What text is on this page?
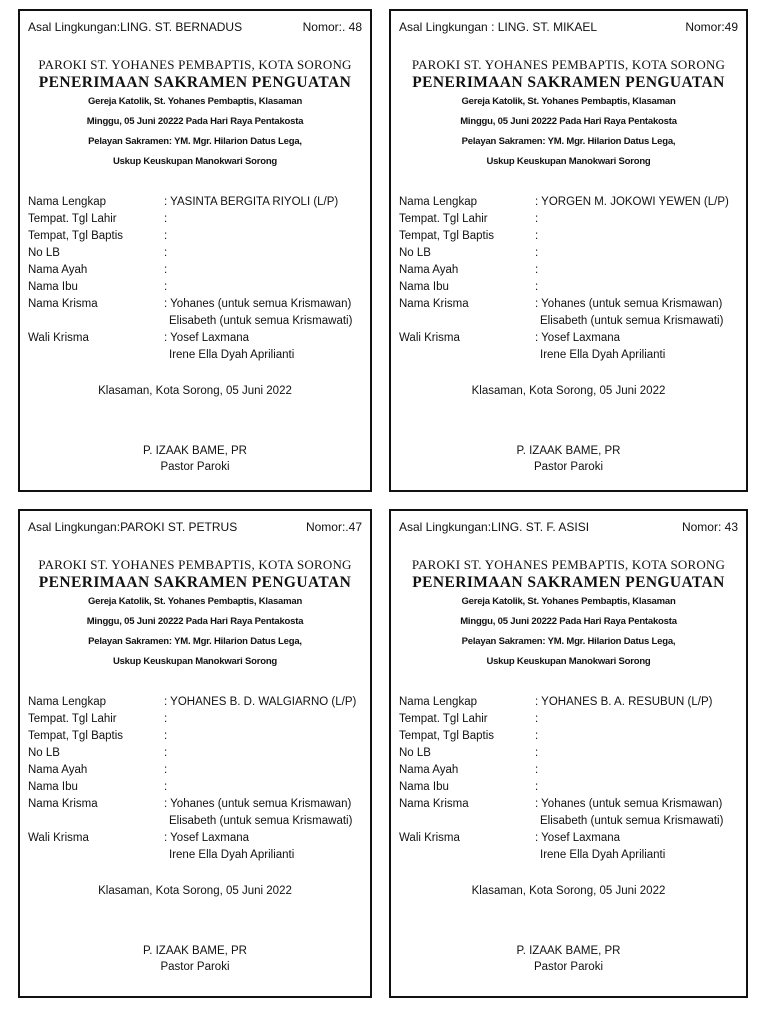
Asal Lingkungan:LING. ST. BERNADUS	Nomor:. 48
PAROKI ST. YOHANES PEMBAPTIS, KOTA SORONG
PENERIMAAN SAKRAMEN PENGUATAN
Gereja Katolik, St. Yohanes Pembaptis, Klasaman
Minggu, 05 Juni 20222 Pada Hari Raya Pentakosta
Pelayan Sakramen: YM. Mgr. Hilarion Datus Lega,
Uskup Keuskupan Manokwari Sorong
Nama Lengkap	: YASINTA BERGITA RIYOLI (L/P)
Tempat. Tgl Lahir	:
Tempat, Tgl Baptis	:
No LB	:
Nama Ayah	:
Nama Ibu	:
Nama Krisma	: Yohanes (untuk semua Krismawan)
Elisabeth (untuk semua Krismawati)
Wali Krisma	: Yosef Laxmana
Irene Ella Dyah Aprilianti
Klasaman, Kota Sorong, 05 Juni 2022
P. IZAAK BAME, PR
Pastor Paroki
Asal Lingkungan : LING. ST. MIKAEL	Nomor:49
PAROKI ST. YOHANES PEMBAPTIS, KOTA SORONG
PENERIMAAN SAKRAMEN PENGUATAN
Gereja Katolik, St. Yohanes Pembaptis, Klasaman
Minggu, 05 Juni 20222 Pada Hari Raya Pentakosta
Pelayan Sakramen: YM. Mgr. Hilarion Datus Lega,
Uskup Keuskupan Manokwari Sorong
Nama Lengkap	: YORGEN M. JOKOWI YEWEN (L/P)
Tempat. Tgl Lahir	:
Tempat, Tgl Baptis	:
No LB	:
Nama Ayah	:
Nama Ibu	:
Nama Krisma	: Yohanes (untuk semua Krismawan)
Elisabeth (untuk semua Krismawati)
Wali Krisma	: Yosef Laxmana
Irene Ella Dyah Aprilianti
Klasaman, Kota Sorong, 05 Juni 2022
P. IZAAK BAME, PR
Pastor Paroki
Asal Lingkungan:PAROKI ST. PETRUS	Nomor:.47
PAROKI ST. YOHANES PEMBAPTIS, KOTA SORONG
PENERIMAAN SAKRAMEN PENGUATAN
Gereja Katolik, St. Yohanes Pembaptis, Klasaman
Minggu, 05 Juni 20222 Pada Hari Raya Pentakosta
Pelayan Sakramen: YM. Mgr. Hilarion Datus Lega,
Uskup Keuskupan Manokwari Sorong
Nama Lengkap	: YOHANES B. D. WALGIARNO (L/P)
Tempat. Tgl Lahir	:
Tempat, Tgl Baptis	:
No LB	:
Nama Ayah	:
Nama Ibu	:
Nama Krisma	: Yohanes (untuk semua Krismawan)
Elisabeth (untuk semua Krismawati)
Wali Krisma	: Yosef Laxmana
Irene Ella Dyah Aprilianti
Klasaman, Kota Sorong, 05 Juni 2022
P. IZAAK BAME, PR
Pastor Paroki
Asal Lingkungan:LING. ST. F. ASISI	Nomor: 43
PAROKI ST. YOHANES PEMBAPTIS, KOTA SORONG
PENERIMAAN SAKRAMEN PENGUATAN
Gereja Katolik, St. Yohanes Pembaptis, Klasaman
Minggu, 05 Juni 20222 Pada Hari Raya Pentakosta
Pelayan Sakramen: YM. Mgr. Hilarion Datus Lega,
Uskup Keuskupan Manokwari Sorong
Nama Lengkap	: YOHANES B. A. RESUBUN (L/P)
Tempat. Tgl Lahir	:
Tempat, Tgl Baptis	:
No LB	:
Nama Ayah	:
Nama Ibu	:
Nama Krisma	: Yohanes (untuk semua Krismawan)
Elisabeth (untuk semua Krismawati)
Wali Krisma	: Yosef Laxmana
Irene Ella Dyah Aprilianti
Klasaman, Kota Sorong, 05 Juni 2022
P. IZAAK BAME, PR
Pastor Paroki
